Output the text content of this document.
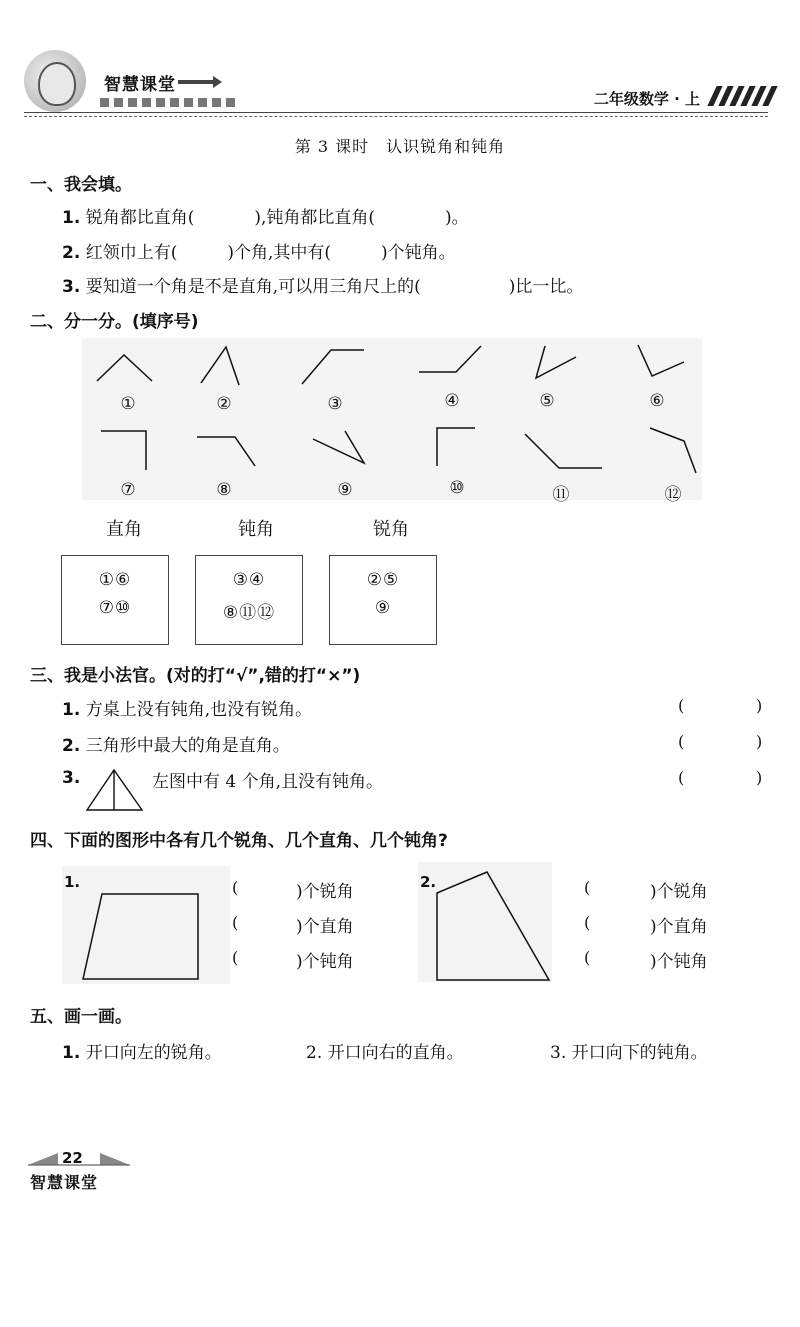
智慧课堂
二年级数学 · 上
第 3 课时　认识锐角和钝角
一、我会填。
1. 锐角都比直角(	),钝角都比直角(	)。
2. 红领巾上有(	)个角,其中有(	)个钝角。
3. 要知道一个角是不是直角,可以用三角尺上的(	)比一比。
二、分一分。(填序号)
①	②	③	④	⑤	⑥
⑦	⑧	⑨	⑩	⑪	⑫
直角	钝角	锐角
①⑥
⑦⑩
③④
⑧⑪⑫
②⑤
⑨
三、我是小法官。(对的打“√”,错的打“×”)
1. 方桌上没有钝角,也没有锐角。	(	)
2. 三角形中最大的角是直角。	(	)
3.	左图中有 4 个角,且没有钝角。	(	)
四、下面的图形中各有几个锐角、几个直角、几个钝角?
1.	(	)个锐角
(	)个直角
(	)个钝角
2.	(	)个锐角
(	)个直角
(	)个钝角
五、画一画。
1. 开口向左的锐角。	2. 开口向右的直角。	3. 开口向下的钝角。
22
智慧课堂
